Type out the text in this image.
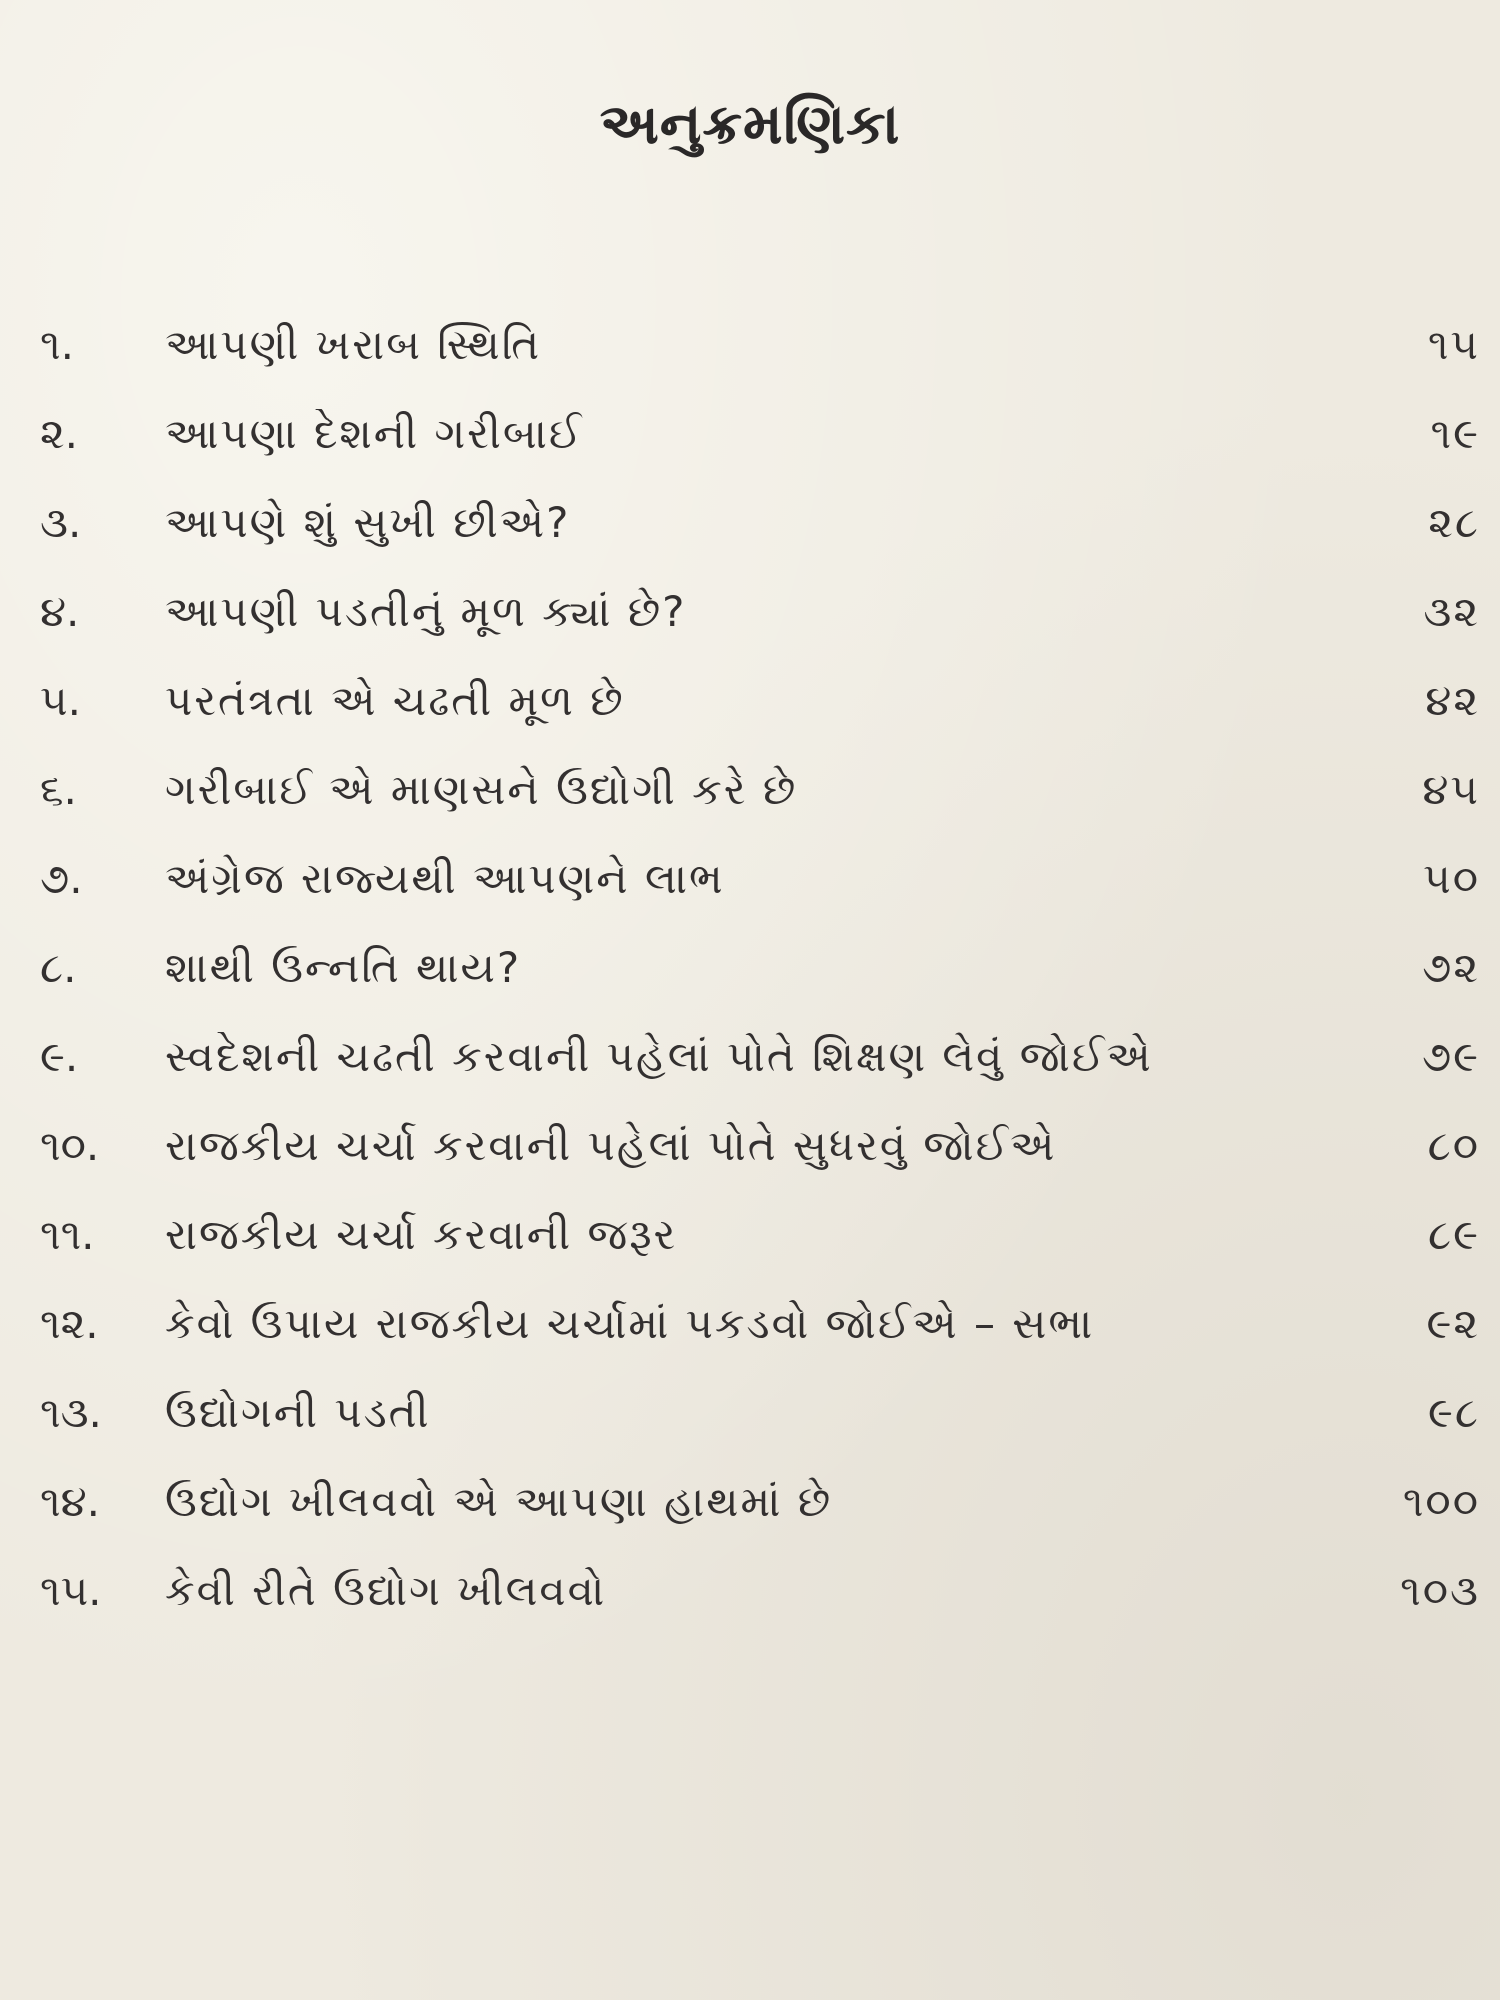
અનુક્રમણિકા
૧.	આપણી ખરાબ સ્થિતિ	૧૫
૨.	આપણા દેશની ગરીબાઈ	૧૯
૩.	આપણે શું સુખી છીએ?	૨૮
૪.	આપણી પડતીનું મૂળ ક્યાં છે?	૩૨
૫.	પરતંત્રતા એ ચઢતી મૂળ છે	૪૨
૬.	ગરીબાઈ એ માણસને ઉદ્યોગી કરે છે	૪૫
૭.	અંગ્રેજ રાજ્યથી આપણને લાભ	૫૦
૮.	શાથી ઉન્નતિ થાય?	૭૨
૯.	સ્વદેશની ચઢતી કરવાની પહેલાં પોતે શિક્ષણ લેવું જોઈએ	૭૯
૧૦.	રાજકીય ચર્ચા કરવાની પહેલાં પોતે સુધરવું જોઈએ	૮૦
૧૧.	રાજકીય ચર્ચા કરવાની જરૂર	૮૯
૧૨.	કેવો ઉપાય રાજકીય ચર્ચામાં પકડવો જોઈએ – સભા	૯૨
૧૩.	ઉદ્યોગની પડતી	૯૮
૧૪.	ઉદ્યોગ ખીલવવો એ આપણા હાથમાં છે	૧૦૦
૧૫.	કેવી રીતે ઉદ્યોગ ખીલવવો	૧૦૩
